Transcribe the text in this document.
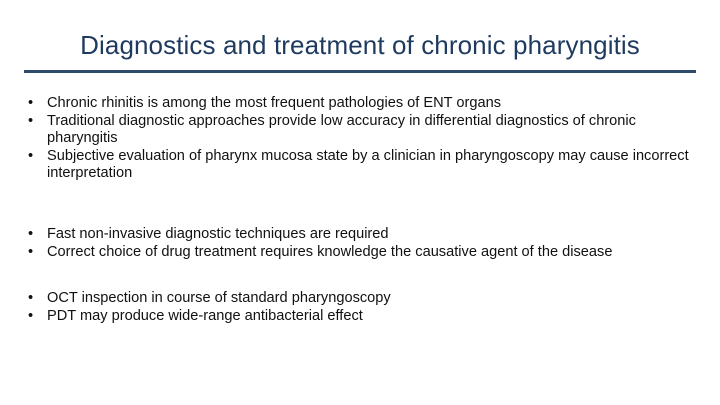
Diagnostics and treatment of chronic pharyngitis
• Chronic rhinitis is among the most frequent pathologies of ENT organs
• Traditional diagnostic approaches provide low accuracy in differential diagnostics of chronic pharyngitis
• Subjective evaluation of pharynx mucosa state by a clinician in pharyngoscopy may cause incorrect interpretation
• Fast non-invasive diagnostic techniques are required
• Correct choice of drug treatment requires knowledge the causative agent of the disease
• OCT inspection in course of standard pharyngoscopy
• PDT may produce wide-range antibacterial effect
